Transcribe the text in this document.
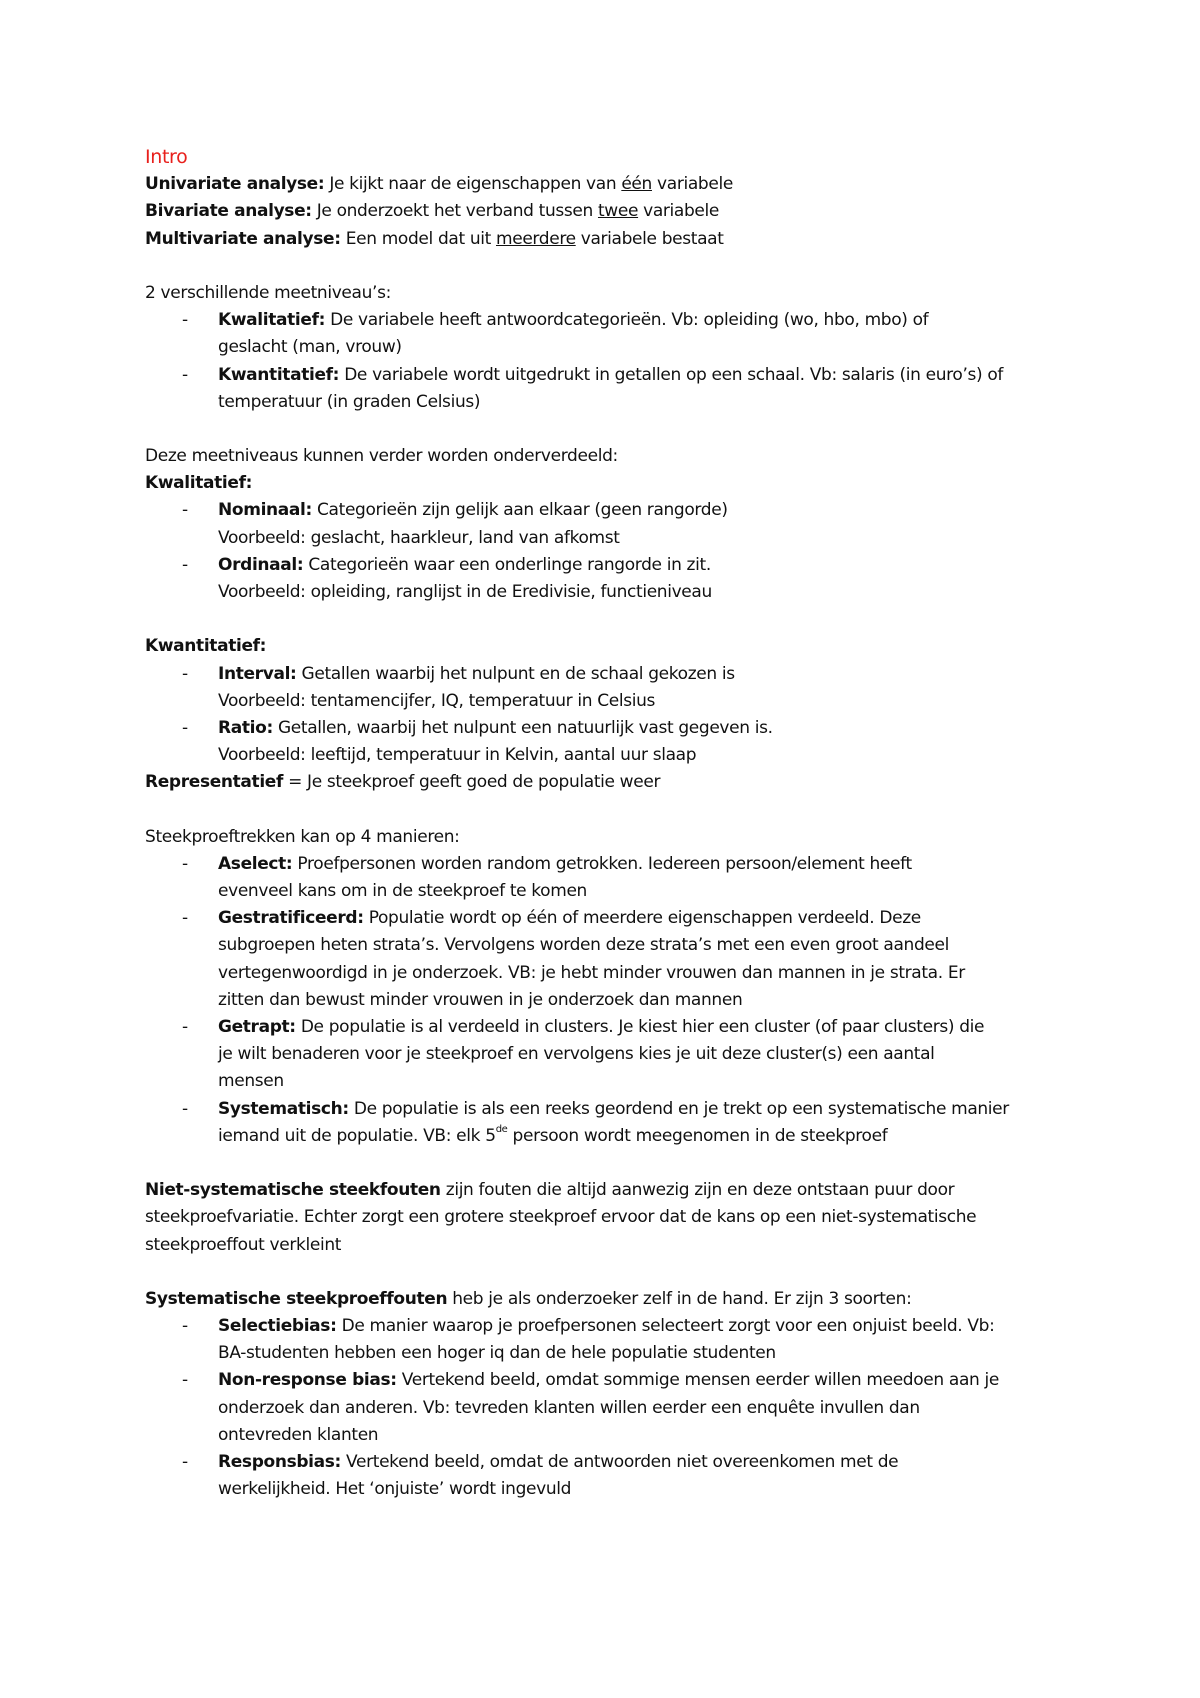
Intro
Univariate analyse: Je kijkt naar de eigenschappen van één variabele
Bivariate analyse: Je onderzoekt het verband tussen twee variabele
Multivariate analyse: Een model dat uit meerdere variabele bestaat
2 verschillende meetniveau’s:
- Kwalitatief: De variabele heeft antwoordcategorieën. Vb: opleiding (wo, hbo, mbo) of
geslacht (man, vrouw)
- Kwantitatief: De variabele wordt uitgedrukt in getallen op een schaal. Vb: salaris (in euro’s) of
temperatuur (in graden Celsius)
Deze meetniveaus kunnen verder worden onderverdeeld:
Kwalitatief:
- Nominaal: Categorieën zijn gelijk aan elkaar (geen rangorde)
Voorbeeld: geslacht, haarkleur, land van afkomst
- Ordinaal: Categorieën waar een onderlinge rangorde in zit.
Voorbeeld: opleiding, ranglijst in de Eredivisie, functieniveau
Kwantitatief:
- Interval: Getallen waarbij het nulpunt en de schaal gekozen is
Voorbeeld: tentamencijfer, IQ, temperatuur in Celsius
- Ratio: Getallen, waarbij het nulpunt een natuurlijk vast gegeven is.
Voorbeeld: leeftijd, temperatuur in Kelvin, aantal uur slaap
Representatief = Je steekproef geeft goed de populatie weer
Steekproeftrekken kan op 4 manieren:
- Aselect: Proefpersonen worden random getrokken. Iedereen persoon/element heeft
evenveel kans om in de steekproef te komen
- Gestratificeerd: Populatie wordt op één of meerdere eigenschappen verdeeld. Deze
subgroepen heten strata’s. Vervolgens worden deze strata’s met een even groot aandeel
vertegenwoordigd in je onderzoek. VB: je hebt minder vrouwen dan mannen in je strata. Er
zitten dan bewust minder vrouwen in je onderzoek dan mannen
- Getrapt: De populatie is al verdeeld in clusters. Je kiest hier een cluster (of paar clusters) die
je wilt benaderen voor je steekproef en vervolgens kies je uit deze cluster(s) een aantal
mensen
- Systematisch: De populatie is als een reeks geordend en je trekt op een systematische manier
iemand uit de populatie. VB: elk 5de persoon wordt meegenomen in de steekproef
Niet-systematische steekfouten zijn fouten die altijd aanwezig zijn en deze ontstaan puur door
steekproefvariatie. Echter zorgt een grotere steekproef ervoor dat de kans op een niet-systematische
steekproeffout verkleint
Systematische steekproeffouten heb je als onderzoeker zelf in de hand. Er zijn 3 soorten:
- Selectiebias: De manier waarop je proefpersonen selecteert zorgt voor een onjuist beeld. Vb:
BA-studenten hebben een hoger iq dan de hele populatie studenten
- Non-response bias: Vertekend beeld, omdat sommige mensen eerder willen meedoen aan je
onderzoek dan anderen. Vb: tevreden klanten willen eerder een enquête invullen dan
ontevreden klanten
- Responsbias: Vertekend beeld, omdat de antwoorden niet overeenkomen met de
werkelijkheid. Het ‘onjuiste’ wordt ingevuld
